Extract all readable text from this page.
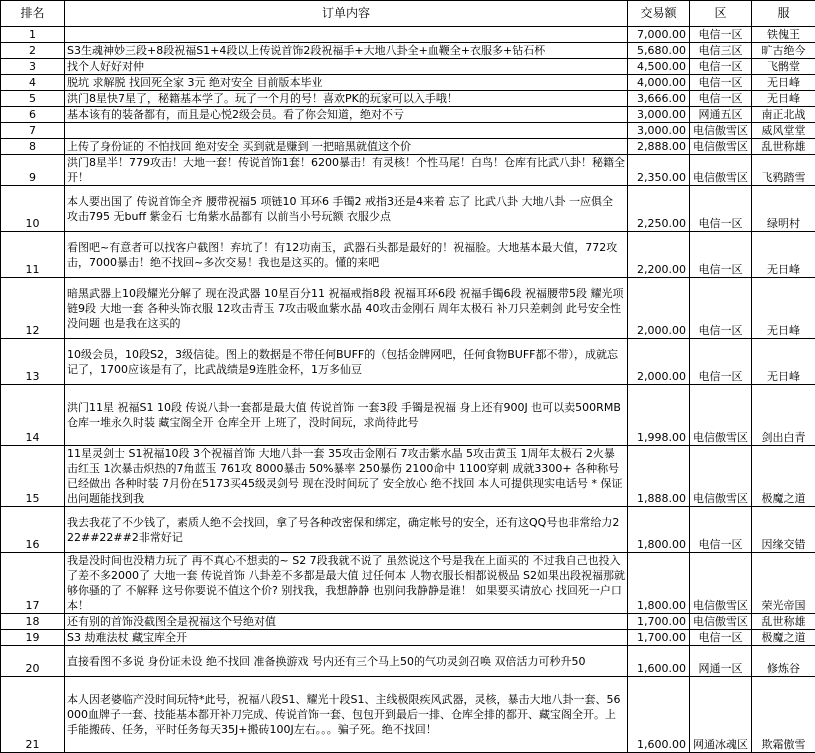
排名	订单内容	交易额	区	服
1		7,000.00	电信一区	铁傀王
2	S3生魂神妙三段+8段祝福S1+4段以上传说首饰2段祝福手+大地八卦全+血鞭全+衣服多+钻石杯	5,680.00	电信三区	旷古绝今
3	找个人好好对仲	4,500.00	电信一区	飞鹘堂
4	脱坑 求解脱 找回死全家 3元 绝对安全 目前版本毕业	4,000.00	电信一区	无日峰
5	洪门8星快7星了，秘籍基本学了。玩了一个月的号！喜欢PK的玩家可以入手哦！	3,666.00	电信一区	无日峰
6	基本该有的装备都有，而且是心悦2级会员。看了你会知道，绝对不亏	3,000.00	网通五区	南正北战
7		3,000.00	电信傲雪区	威风堂堂
8	上传了身份证的 不怕找回 绝对安全 买到就是赚到 一把暗黑就值这个价	2,888.00	电信傲雪区	乱世称雄
9	洪门8星半！779攻击！大地一套！传说首饰1套！6200暴击！有灵核！个性马尾！白鸟！仓库有比武八卦！秘籍全开！	2,350.00	电信傲雪区	飞鸦踏雪
10	本人要出国了 传说首饰全齐 腰带祝福5 项链10 耳环6 手镯2 戒指3还是4来着 忘了 比武八卦 大地八卦 一应俱全 攻击795 无buff 紫金石 七角紫水晶都有 以前当小号玩额 衣服少点	2,250.00	电信一区	绿明村
11	看图吧~有意者可以找客户截图！弃坑了！有12功南玉，武器石头都是最好的！祝福脸。大地基本最大值，772攻击，7000暴击！绝不找回~多次交易！我也是这买的。懂的来吧	2,200.00	电信一区	无日峰
12	暗黑武器上10段耀光分解了 现在没武器 10星百分11 祝福戒指8段 祝福耳环6段 祝福手镯6段 祝福腰带5段 耀光项链9段 大地一套 各种头饰衣服 12攻击青玉 7攻击吸血紫水晶 40攻击金刚石 周年太极石 补刀只差刺剑 此号安全性没问题 也是我在这买的	2,000.00	电信一区	无日峰
13	10级会员，10段S2，3级信徒。图上的数据是不带任何BUFF的（包括金牌网吧，任何食物BUFF都不带），成就忘记了，1700应该是有了，比武战绩是9连胜金杯，1万多仙豆	2,000.00	电信一区	无日峰
14	洪门11星 祝福S1 10段 传说八卦一套都是最大值 传说首饰 一套3段 手镯是祝福 身上还有900J 也可以卖500RMB 仓库一堆永久时装 藏宝阁全开 仓库全开 上班了，没时间玩，求尚待此号	1,998.00	电信傲雪区	剑出白青
15	11星灵剑士 S1祝福10段 3个祝福首饰 大地八卦一套 35攻击金刚石 7攻击紫水晶 5攻击黄玉 1周年太极石 2火暴击红玉 1次暴击炽热的7角蓝玉 761攻 8000暴击 50%暴率 250暴伤 2100命中 1100穿刺 成就3300+ 各种称号已经做出 各种时装 7月份在5173买45级灵剑号 现在没时间玩了 安全放心 绝不找回 本人可提供现实电话号 * 保证出问题能找到我	1,888.00	电信傲雪区	极魔之道
16	我去我花了不少钱了，素质人绝不会找回，拿了号各种改密保和绑定，确定帐号的安全，还有这QQ号也非常给力222##22##2非常好记	1,800.00	电信一区	因缘交错
17	我是没时间也没精力玩了 再不真心不想卖的~ S2 7段我就不说了 虽然说这个号是我在上面买的 不过我自己也投入了差不多2000了 大地一套 传说首饰 八卦差不多都是最大值 过任何本 人物衣服长相都说极品 S2如果出段祝福那就够你骚的了 不解释 这号你要说不值这个价? 别找我，我想静静 也别问我静静是谁！ 如果要买请放心 找回死一户口本！	1,800.00	电信傲雪区	荣光帝国
18	还有别的首饰没截图全是祝福这个号绝对值	1,700.00	电信傲雪区	乱世称雄
19	S3 劫难法杖 藏宝库全开	1,700.00	电信一区	极魔之道
20	直接看图不多说 身份证未设 绝不找回 准备换游戏 号内还有三个马上50的气功灵剑召唤 双倍活力可秒升50	1,600.00	网通一区	修炼谷
21	本人因老婆临产没时间玩特*此号，祝福八段S1、耀光十段S1、主线极限疾风武器，灵核，暴击大地八卦一套、56000血牌子一套、技能基本都开补刀完成、传说首饰一套、包包开到最后一排、仓库全排的都开、藏宝阁全开。上手能搬砖、任务，平时任务每天35J+搬砖100J左右。。。骗子死。绝不找回！	1,600.00	网通冰魂区	欺霜傲雪
